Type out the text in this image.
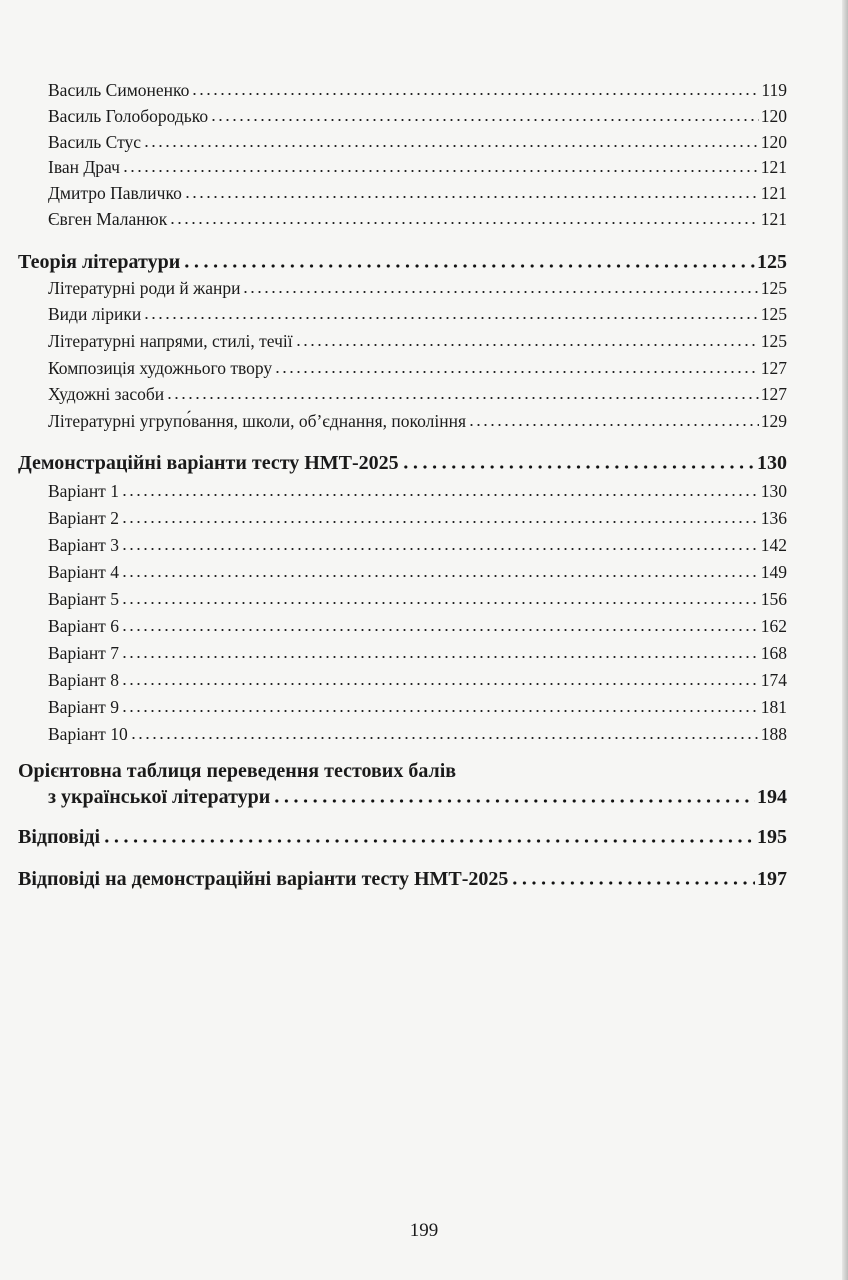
Василь Симоненко	119
Василь Голобородько	120
Василь Стус	120
Іван Драч	121
Дмитро Павличко	121
Євген Маланюк	121
Теорія літератури	125
Літературні роди й жанри	125
Види лірики	125
Літературні напрями, стилі, течії	125
Композиція художнього твору	127
Художні засоби	127
Літературні угрупо́вання, школи, об’єднання, покоління	129
Демонстраційні варіанти тесту НМТ-2025	130
Варіант 1	130
Варіант 2	136
Варіант 3	142
Варіант 4	149
Варіант 5	156
Варіант 6	162
Варіант 7	168
Варіант 8	174
Варіант 9	181
Варіант 10	188
Орієнтовна таблиця переведення тестових балів
з української літератури	194
Відповіді	195
Відповіді на демонстраційні варіанти тесту НМТ-2025	197
199
